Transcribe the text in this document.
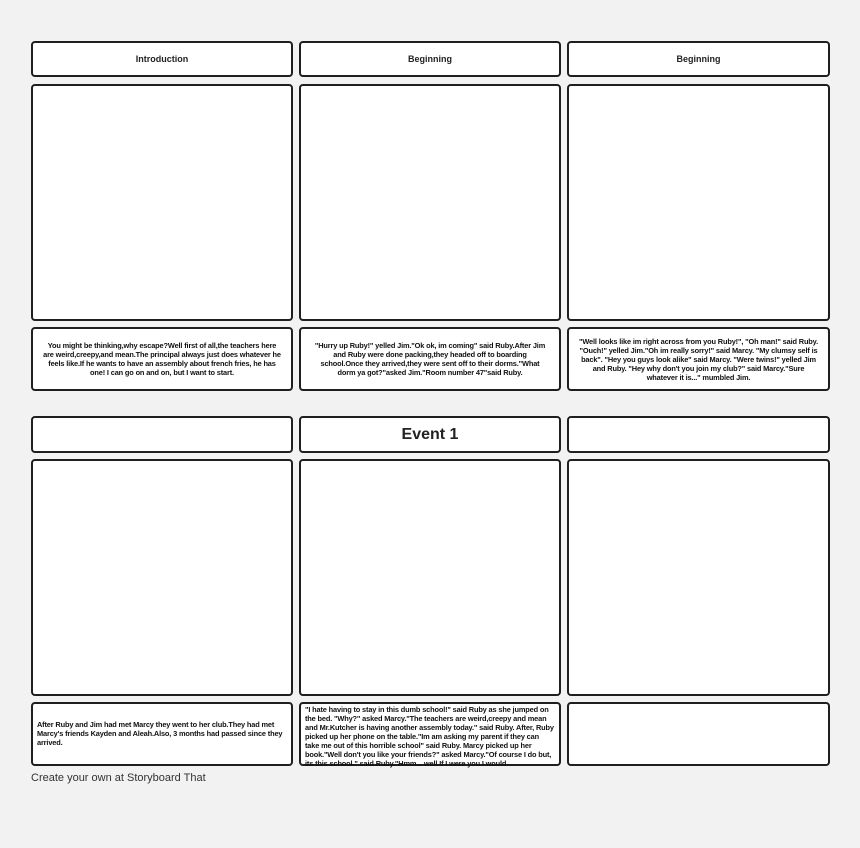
Introduction	Beginning	Beginning
You might be thinking,why escape?Well first of all,the teachers here are weird,creepy,and mean.The principal always just does whatever he feels like.If he wants to have an assembly about french fries, he has one! I can go on and on, but I want to start.
"Hurry up Ruby!" yelled Jim."Ok ok, im coming" said Ruby.After Jim and Ruby were done packing,they headed off to boarding school.Once they arrived,they were sent off to their dorms."What dorm ya got?"asked Jim."Room number 47"said Ruby.
"Well looks like im right across from you Ruby!", "Oh man!" said Ruby. "Ouch!" yelled Jim."Oh im really sorry!" said Marcy. "My clumsy self is back". "Hey you guys look alike" said Marcy. "Were twins!" yelled Jim and Ruby. "Hey why don't you join my club?" said Marcy."Sure whatever it is..." mumbled Jim.
Event 1
After Ruby and Jim had met Marcy they went to her club.They had met Marcy's friends Kayden and Aleah.Also, 3 months had passed since they arrived.
"I hate having to stay in this dumb school!" said Ruby as she jumped on the bed. "Why?" asked Marcy."The teachers are weird,creepy and mean and Mr.Kutcher is having another assembly today." said Ruby. After, Ruby picked up her phone on the table."Im am asking my parent if they can take me out of this horrible school" said Ruby. Marcy picked up her book."Well don't you like your friends?" asked Marcy."Of course I do but, its this school." said Ruby."Hmm... well If I were you I would
Create your own at Storyboard That
